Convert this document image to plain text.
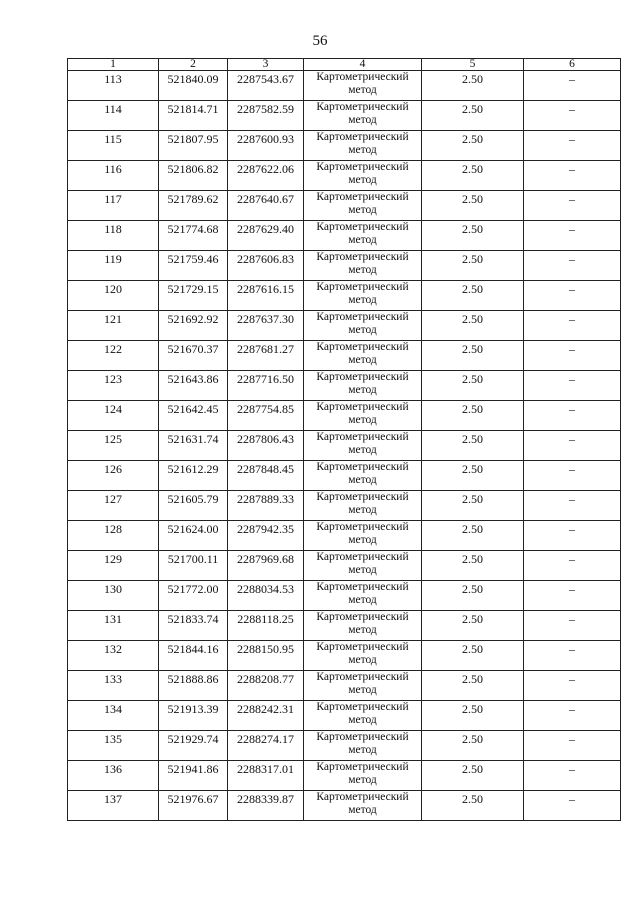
56
1	2	3	4	5	6

113	521840.09	2287543.67	Картометрический метод	2.50	–

114	521814.71	2287582.59	Картометрический метод	2.50	–

115	521807.95	2287600.93	Картометрический метод	2.50	–

116	521806.82	2287622.06	Картометрический метод	2.50	–

117	521789.62	2287640.67	Картометрический метод	2.50	–

118	521774.68	2287629.40	Картометрический метод	2.50	–

119	521759.46	2287606.83	Картометрический метод	2.50	–

120	521729.15	2287616.15	Картометрический метод	2.50	–

121	521692.92	2287637.30	Картометрический метод	2.50	–

122	521670.37	2287681.27	Картометрический метод	2.50	–

123	521643.86	2287716.50	Картометрический метод	2.50	–

124	521642.45	2287754.85	Картометрический метод	2.50	–

125	521631.74	2287806.43	Картометрический метод	2.50	–

126	521612.29	2287848.45	Картометрический метод	2.50	–

127	521605.79	2287889.33	Картометрический метод	2.50	–

128	521624.00	2287942.35	Картометрический метод	2.50	–

129	521700.11	2287969.68	Картометрический метод	2.50	–

130	521772.00	2288034.53	Картометрический метод	2.50	–

131	521833.74	2288118.25	Картометрический метод	2.50	–

132	521844.16	2288150.95	Картометрический метод	2.50	–

133	521888.86	2288208.77	Картометрический метод	2.50	–

134	521913.39	2288242.31	Картометрический метод	2.50	–

135	521929.74	2288274.17	Картометрический метод	2.50	–

136	521941.86	2288317.01	Картометрический метод	2.50	–

137	521976.67	2288339.87	Картометрический метод	2.50	–
